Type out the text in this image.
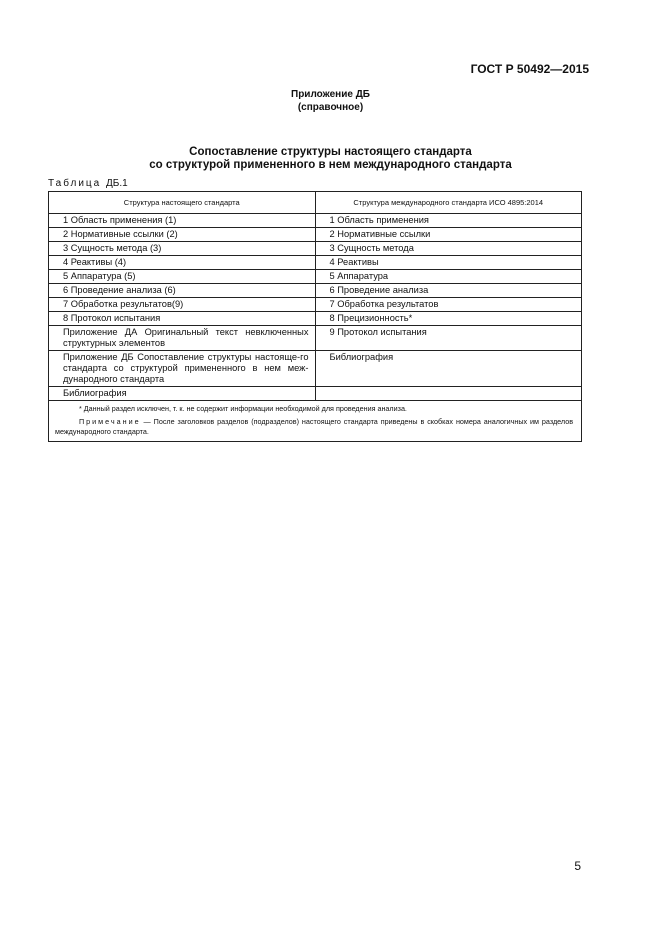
ГОСТ Р 50492—2015
Приложение ДБ
(справочное)
Сопоставление структуры настоящего стандарта
со структурой примененного в нем международного стандарта
Таблица ДБ.1
Структура настоящего стандарта	Структура международного стандарта ИСО 4895:2014
1 Область применения (1)	1 Область применения
2 Нормативные ссылки (2)	2 Нормативные ссылки
3 Сущность метода (3)	3 Сущность метода
4 Реактивы (4)	4 Реактивы
5 Аппаратура (5)	5 Аппаратура
6 Проведение анализа (6)	6 Проведение анализа
7 Обработка результатов(9)	7 Обработка результатов
8 Протокол испытания	8 Прецизионность*
Приложение ДА Оригинальный текст невключенных структурных элементов	9 Протокол испытания
Приложение ДБ Сопоставление структуры настояще-го стандарта со структурой примененного в нем меж-дународного стандарта	Библиография
Библиография	

* Данный раздел исключен, т. к. не содержит информации необходимой для проведения анализа.
Примечание — После заголовков разделов (подразделов) настоящего стандарта приведены в скобках номера аналогичных им разделов международного стандарта.	
5
